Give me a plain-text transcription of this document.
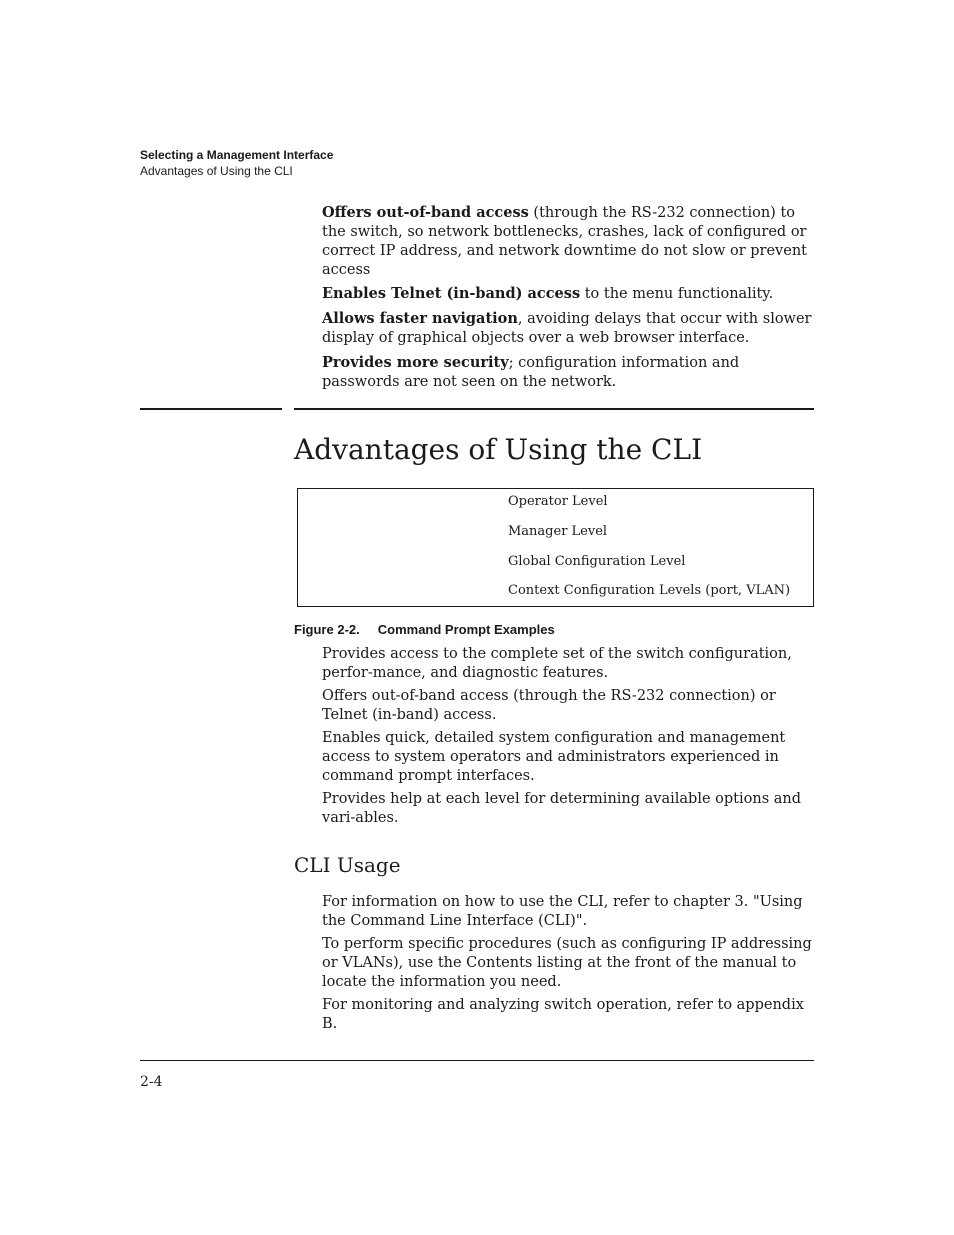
Selecting a Management Interface
Advantages of Using the CLI

Offers out-of-band access (through the RS-232 connection) to the switch, so network bottlenecks, crashes, lack of configured or correct IP address, and network downtime do not slow or prevent access

Enables Telnet (in-band) access to the menu functionality.

Allows faster navigation, avoiding delays that occur with slower display of graphical objects over a web browser interface.

Provides more security; configuration information and passwords are not seen on the network.

Advantages of Using the CLI
Operator Level
Manager Level
Global Configuration Level
Context Configuration Levels (port, VLAN)
Figure 2-2. Command Prompt Examples

Provides access to the complete set of the switch configuration, perfor-mance, and diagnostic features.

Offers out-of-band access (through the RS-232 connection) or Telnet (in-band) access.

Enables quick, detailed system configuration and management access to system operators and administrators experienced in command prompt interfaces.

Provides help at each level for determining available options and vari-ables.

CLI Usage

For information on how to use the CLI, refer to chapter 3. "Using the Command Line Interface (CLI)".

To perform specific procedures (such as configuring IP addressing or VLANs), use the Contents listing at the front of the manual to locate the information you need.

For monitoring and analyzing switch operation, refer to appendix B.

2-4
